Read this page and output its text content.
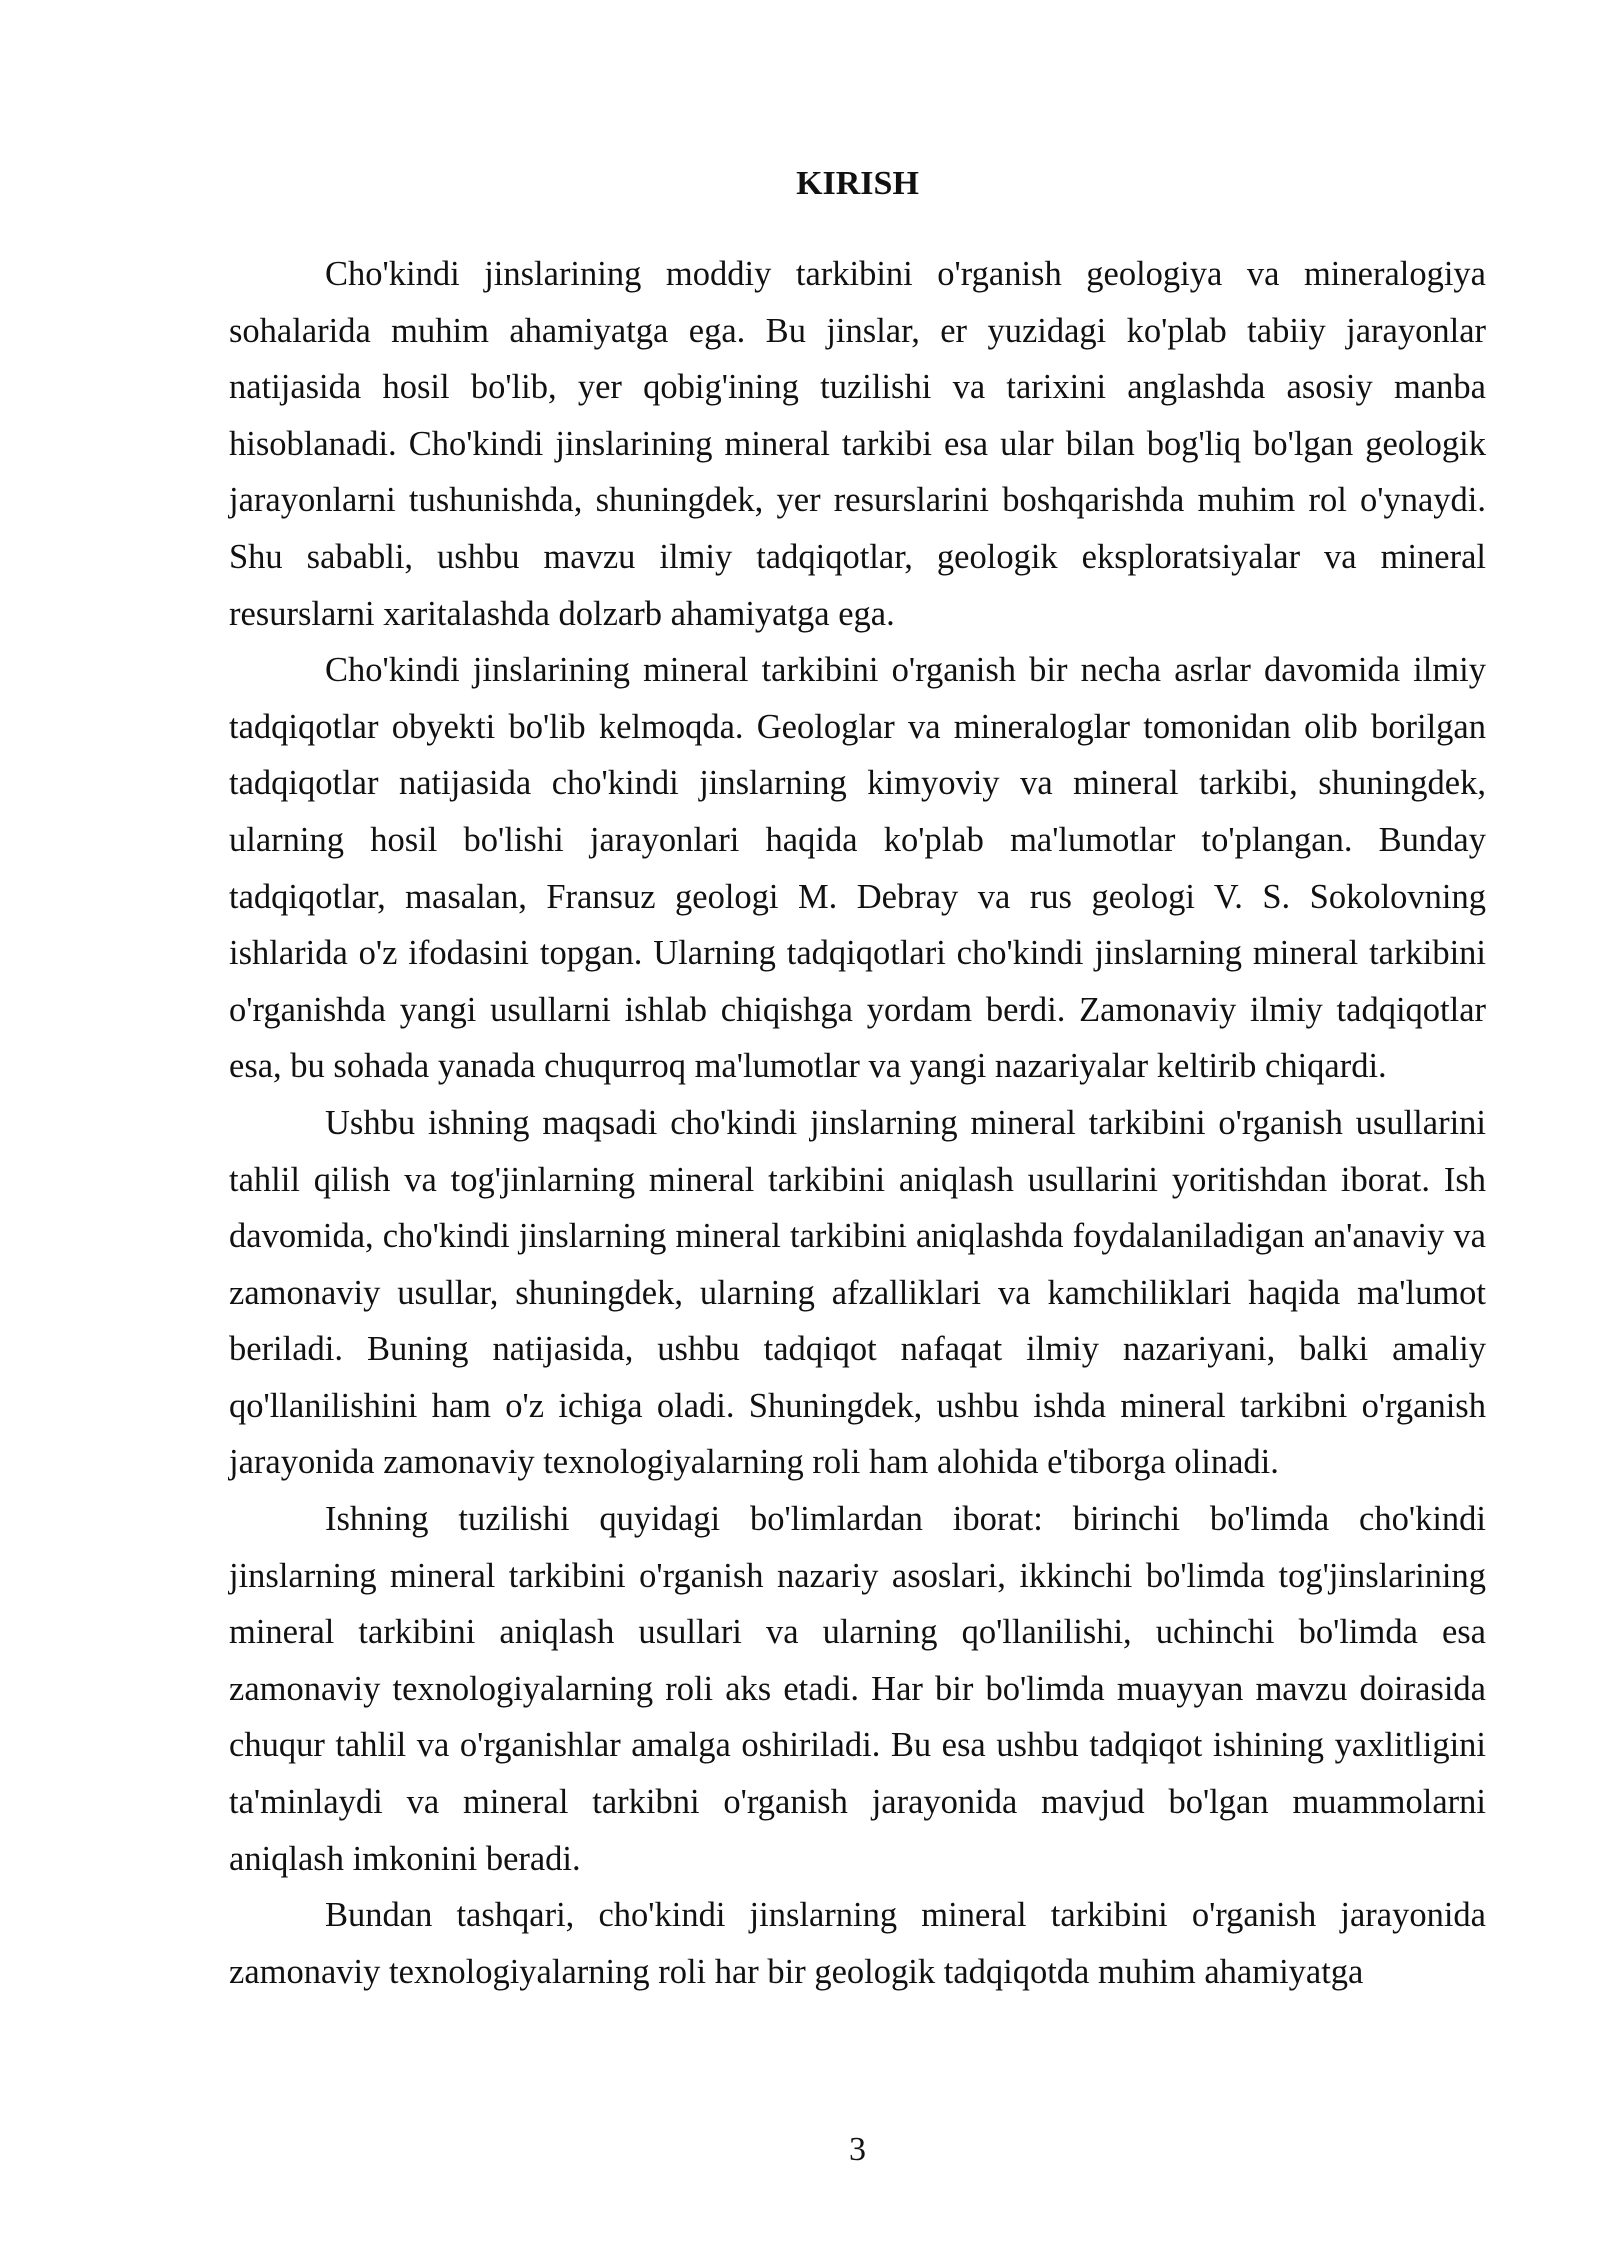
KIRISH

Cho'kindi jinslarining moddiy tarkibini o'rganish geologiya va mineralogiya sohalarida muhim ahamiyatga ega. Bu jinslar, er yuzidagi ko'plab tabiiy jarayonlar natijasida hosil bo'lib, yer qobig'ining tuzilishi va tarixini anglashda asosiy manba hisoblanadi. Cho'kindi jinslarining mineral tarkibi esa ular bilan bog'liq bo'lgan geologik jarayonlarni tushunishda, shuningdek, yer resurslarini boshqarishda muhim rol o'ynaydi. Shu sababli, ushbu mavzu ilmiy tadqiqotlar, geologik eksploratsiyalar va mineral resurslarni xaritalashda dolzarb ahamiyatga ega.

Cho'kindi jinslarining mineral tarkibini o'rganish bir necha asrlar davomida ilmiy tadqiqotlar obyekti bo'lib kelmoqda. Geologlar va mineraloglar tomonidan olib borilgan tadqiqotlar natijasida cho'kindi jinslarning kimyoviy va mineral tarkibi, shuningdek, ularning hosil bo'lishi jarayonlari haqida ko'plab ma'lumotlar to'plangan. Bunday tadqiqotlar, masalan, Fransuz geologi M. Debray va rus geologi V. S. Sokolovning ishlarida o'z ifodasini topgan. Ularning tadqiqotlari cho'kindi jinslarning mineral tarkibini o'rganishda yangi usullarni ishlab chiqishga yordam berdi. Zamonaviy ilmiy tadqiqotlar esa, bu sohada yanada chuqurroq ma'lumotlar va yangi nazariyalar keltirib chiqardi.

Ushbu ishning maqsadi cho'kindi jinslarning mineral tarkibini o'rganish usullarini tahlil qilish va tog'jinlarning mineral tarkibini aniqlash usullarini yoritishdan iborat. Ish davomida, cho'kindi jinslarning mineral tarkibini aniqlashda foydalaniladigan an'anaviy va zamonaviy usullar, shuningdek, ularning afzalliklari va kamchiliklari haqida ma'lumot beriladi. Buning natijasida, ushbu tadqiqot nafaqat ilmiy nazariyani, balki amaliy qo'llanilishini ham o'z ichiga oladi. Shuningdek, ushbu ishda mineral tarkibni o'rganish jarayonida zamonaviy texnologiyalarning roli ham alohida e'tiborga olinadi.

Ishning tuzilishi quyidagi bo'limlardan iborat: birinchi bo'limda cho'kindi jinslarning mineral tarkibini o'rganish nazariy asoslari, ikkinchi bo'limda tog'jinslarining mineral tarkibini aniqlash usullari va ularning qo'llanilishi, uchinchi bo'limda esa zamonaviy texnologiyalarning roli aks etadi. Har bir bo'limda muayyan mavzu doirasida chuqur tahlil va o'rganishlar amalga oshiriladi. Bu esa ushbu tadqiqot ishining yaxlitligini ta'minlaydi va mineral tarkibni o'rganish jarayonida mavjud bo'lgan muammolarni aniqlash imkonini beradi.

Bundan tashqari, cho'kindi jinslarning mineral tarkibini o'rganish jarayonida zamonaviy texnologiyalarning roli har bir geologik tadqiqotda muhim ahamiyatga

3
